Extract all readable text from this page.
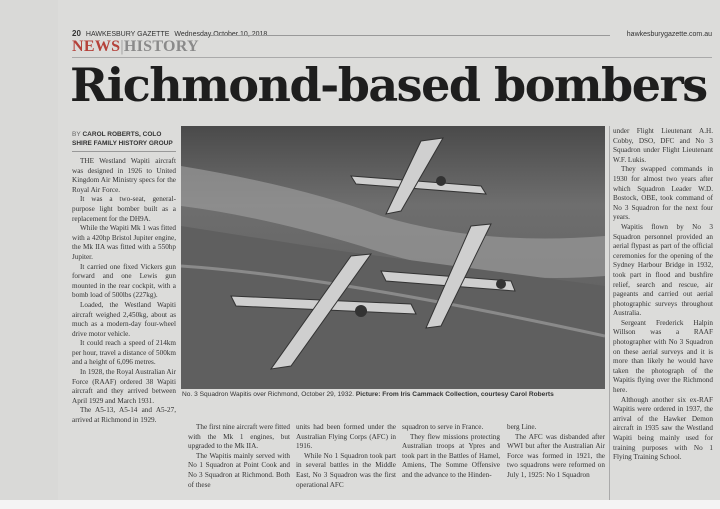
20 HAWKESBURY GAZETTE Wednesday October 10, 2018	hawkesburygazette.com.au
NEWS|HISTORY
Richmond-based bombers
BY CAROL ROBERTS, COLO SHIRE FAMILY HISTORY GROUP

THE Westland Wapiti aircraft was designed in 1926 to United Kingdom Air Ministry specs for the Royal Air Force.

It was a two-seat, general-purpose light bomber built as a replacement for the DH9A.

While the Wapiti Mk 1 was fitted with a 420hp Bristol Jupiter engine, the Mk IIA was fitted with a 550hp Jupiter.

It carried one fixed Vickers gun forward and one Lewis gun mounted in the rear cockpit, with a bomb load of 500lbs (227kg).

Loaded, the Westland Wapiti aircraft weighed 2,450kg, about as much as a modern-day four-wheel drive motor vehicle.

It could reach a speed of 214km per hour, travel a distance of 500km and a height of 6,096 metres.

In 1928, the Royal Australian Air Force (RAAF) ordered 38 Wapiti aircraft and they arrived between April 1929 and March 1931.

The A5-13, A5-14 and A5-27, arrived at Richmond in 1929.

The first nine aircraft were fitted with the Mk 1 engines, but upgraded to the Mk IIA.

The Wapitis mainly served with No 1 Squadron at Point Cook and No 3 Squadron at Richmond. Both of these

units had been formed under the Australian Flying Corps (AFC) in 1916.

While No 1 Squadron took part in several battles in the Middle East, No 3 Squadron was the first operational AFC

squadron to serve in France.

They flew missions protecting Australian troops at Ypres and took part in the Battles of Hamel, Amiens, The Somme Offensive and the advance to the Hinden-

berg Line.

The AFC was disbanded after WWI but after the Australian Air Force was formed in 1921, the two squadrons were reformed on July 1, 1925: No 1 Squadron

under Flight Lieutenant A.H. Cobby, DSO, DFC and No 3 Squadron under Flight Lieutenant W.F. Lukis.

They swapped commands in 1930 for almost two years after which Squadron Leader W.D. Bostock, OBE, took command of No 3 Squadron for the next four years.

Wapitis flown by No 3 Squadron personnel provided an aerial flypast as part of the official ceremonies for the opening of the Sydney Harbour Bridge in 1932, took part in flood and bushfire relief, search and rescue, air pageants and carried out aerial photographic surveys throughout Australia.

Sergeant Frederick Halpin Willson was a RAAF photographer with No 3 Squadron on these aerial surveys and it is more than likely he would have taken the photograph of the Wapitis flying over the Richmond here.

Although another six ex-RAF Wapitis were ordered in 1937, the arrival of the Hawker Demon aircraft in 1935 saw the Westland Wapiti being mainly used for training purposes with No 1 Flying Training School.

No. 3 Squadron Wapitis over Richmond, October 29, 1932. Picture: From Iris Cammack Collection, courtesy Carol Roberts
